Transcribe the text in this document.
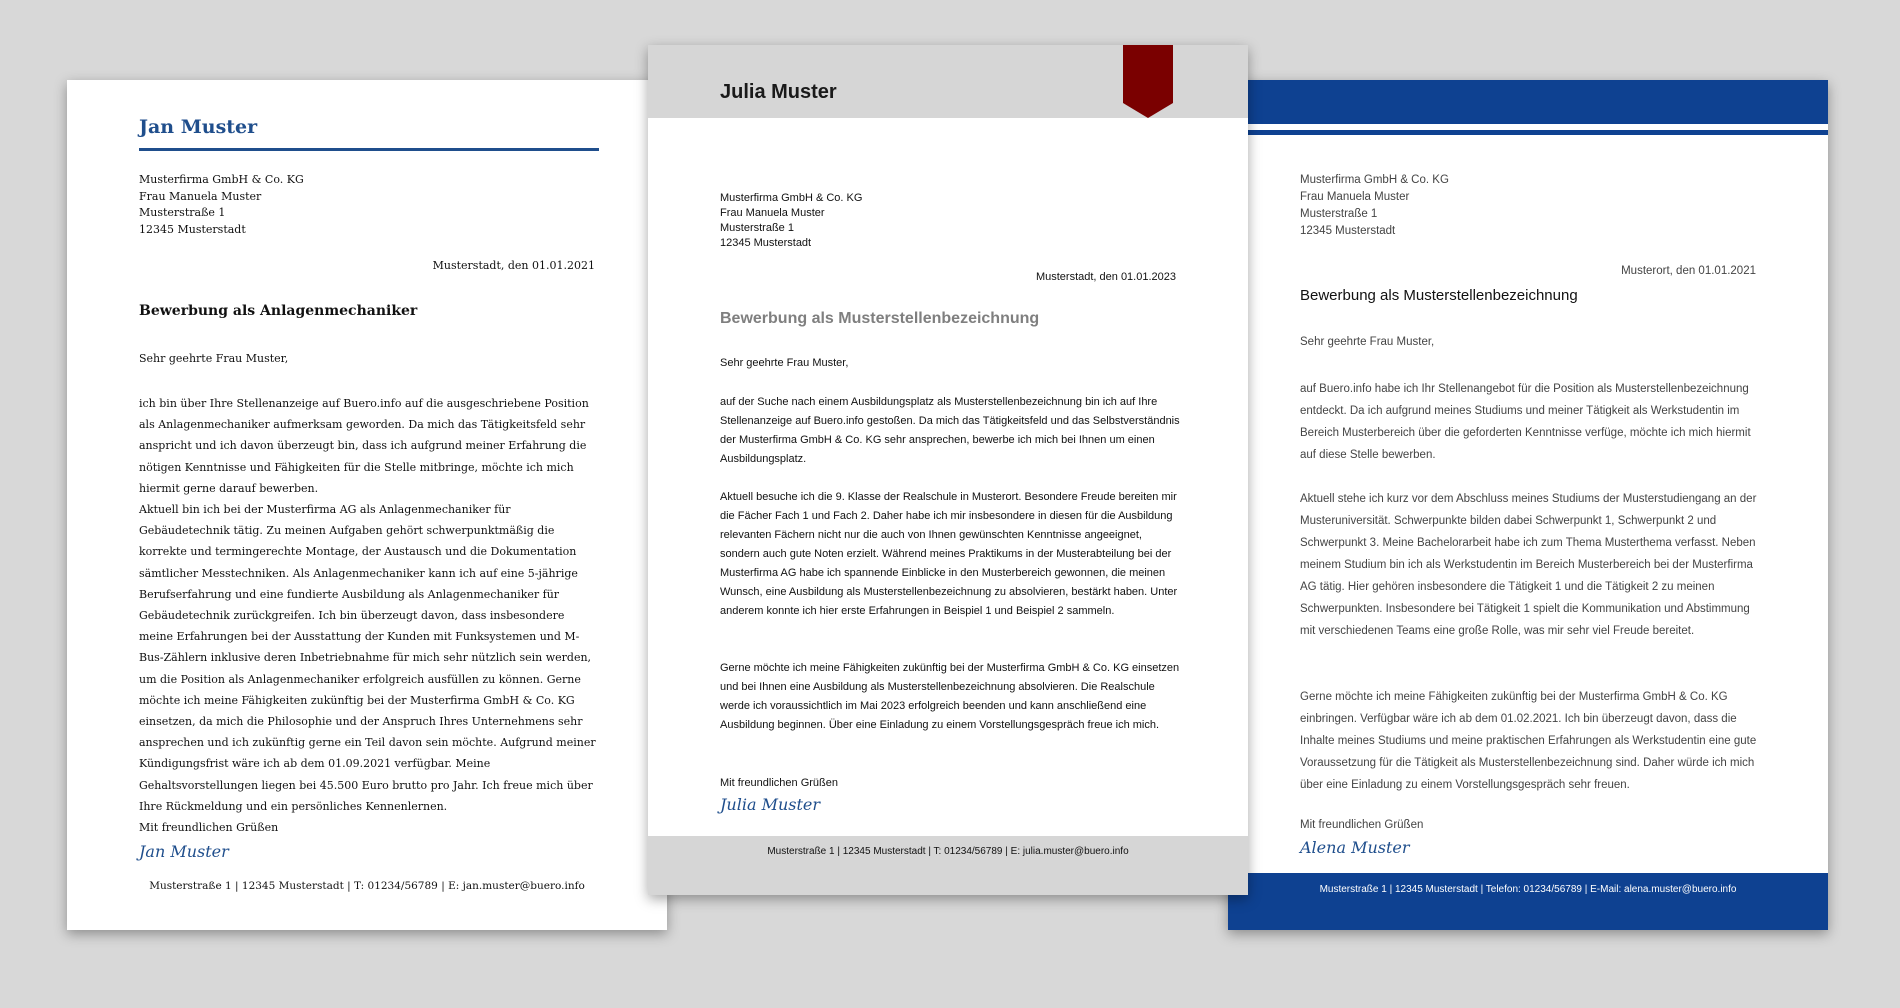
Jan Muster

Musterfirma GmbH & Co. KG

Frau Manuela Muster

Musterstraße 1

12345 Musterstadt

Musterstadt, den 01.01.2021
Bewerbung als Anlagenmechaniker
Sehr geehrte Frau Muster,

ich bin über Ihre Stellenanzeige auf Buero.info auf die ausgeschriebene Position als Anlagenmechaniker aufmerksam geworden. Da mich das Tätigkeitsfeld sehr anspricht und ich davon überzeugt bin, dass ich aufgrund meiner Erfahrung die nötigen Kenntnisse und Fähigkeiten für die Stelle mitbringe, möchte ich mich hiermit gerne darauf bewerben.

Aktuell bin ich bei der Musterfirma AG als Anlagenmechaniker für Gebäudetechnik tätig. Zu meinen Aufgaben gehört schwerpunktmäßig die korrekte und termingerechte Montage, der Austausch und die Dokumentation sämtlicher Messtechniken. Als Anlagenmechaniker kann ich auf eine 5-jährige Berufserfahrung und eine fundierte Ausbildung als Anlagenmechaniker für Gebäudetechnik zurückgreifen. Ich bin überzeugt davon, dass insbesondere meine Erfahrungen bei der Ausstattung der Kunden mit Funksystemen und M-Bus-Zählern inklusive deren Inbetriebnahme für mich sehr nützlich sein werden, um die Position als Anlagenmechaniker erfolgreich ausfüllen zu können. Gerne möchte ich meine Fähigkeiten zukünftig bei der Musterfirma GmbH & Co. KG einsetzen, da mich die Philosophie und der Anspruch Ihres Unternehmens sehr ansprechen und ich zukünftig gerne ein Teil davon sein möchte. Aufgrund meiner Kündigungsfrist wäre ich ab dem 01.09.2021 verfügbar. Meine Gehaltsvorstellungen liegen bei 45.500 Euro brutto pro Jahr. Ich freue mich über Ihre Rückmeldung und ein persönliches Kennenlernen.

Mit freundlichen Grüßen
Jan Muster
Musterstraße 1 | 12345 Musterstadt | T: 01234/56789 | E: jan.muster@buero.info
Julia Muster

Musterfirma GmbH & Co. KG

Frau Manuela Muster

Musterstraße 1

12345 Musterstadt

Musterstadt, den 01.01.2023
Bewerbung als Musterstellenbezeichnung
Sehr geehrte Frau Muster,

auf der Suche nach einem Ausbildungsplatz als Musterstellenbezeichnung bin ich auf Ihre Stellenanzeige auf Buero.info gestoßen. Da mich das Tätigkeitsfeld und das Selbstverständnis der Musterfirma GmbH & Co. KG sehr ansprechen, bewerbe ich mich bei Ihnen um einen Ausbildungsplatz.

Aktuell besuche ich die 9. Klasse der Realschule in Musterort. Besondere Freude bereiten mir die Fächer Fach 1 und Fach 2. Daher habe ich mir insbesondere in diesen für die Ausbildung relevanten Fächern nicht nur die auch von Ihnen gewünschten Kenntnisse angeeignet, sondern auch gute Noten erzielt. Während meines Praktikums in der Musterabteilung bei der Musterfirma AG habe ich spannende Einblicke in den Musterbereich gewonnen, die meinen Wunsch, eine Ausbildung als Musterstellenbezeichnung zu absolvieren, bestärkt haben. Unter anderem konnte ich hier erste Erfahrungen in Beispiel 1 und Beispiel 2 sammeln.

Gerne möchte ich meine Fähigkeiten zukünftig bei der Musterfirma GmbH & Co. KG einsetzen und bei Ihnen eine Ausbildung als Musterstellenbezeichnung absolvieren. Die Realschule werde ich voraussichtlich im Mai 2023 erfolgreich beenden und kann anschließend eine Ausbildung beginnen. Über eine Einladung zu einem Vorstellungsgespräch freue ich mich.

Mit freundlichen Grüßen
Julia Muster
Musterstraße 1 | 12345 Musterstadt | T: 01234/56789 | E: julia.muster@buero.info

Musterfirma GmbH & Co. KG

Frau Manuela Muster

Musterstraße 1

12345 Musterstadt

Musterort, den 01.01.2021
Bewerbung als Musterstellenbezeichnung
Sehr geehrte Frau Muster,

auf Buero.info habe ich Ihr Stellenangebot für die Position als Musterstellenbezeichnung entdeckt. Da ich aufgrund meines Studiums und meiner Tätigkeit als Werkstudentin im Bereich Musterbereich über die geforderten Kenntnisse verfüge, möchte ich mich hiermit auf diese Stelle bewerben.

Aktuell stehe ich kurz vor dem Abschluss meines Studiums der Musterstudiengang an der Musteruniversität. Schwerpunkte bilden dabei Schwerpunkt 1, Schwerpunkt 2 und Schwerpunkt 3. Meine Bachelorarbeit habe ich zum Thema Musterthema verfasst. Neben meinem Studium bin ich als Werkstudentin im Bereich Musterbereich bei der Musterfirma AG tätig. Hier gehören insbesondere die Tätigkeit 1 und die Tätigkeit 2 zu meinen Schwerpunkten. Insbesondere bei Tätigkeit 1 spielt die Kommunikation und Abstimmung mit verschiedenen Teams eine große Rolle, was mir sehr viel Freude bereitet.

Gerne möchte ich meine Fähigkeiten zukünftig bei der Musterfirma GmbH & Co. KG einbringen. Verfügbar wäre ich ab dem 01.02.2021. Ich bin überzeugt davon, dass die Inhalte meines Studiums und meine praktischen Erfahrungen als Werkstudentin eine gute Voraussetzung für die Tätigkeit als Musterstellenbezeichnung sind. Daher würde ich mich über eine Einladung zu einem Vorstellungsgespräch sehr freuen.

Mit freundlichen Grüßen
Alena Muster
Musterstraße 1 | 12345 Musterstadt | Telefon: 01234/56789 | E-Mail: alena.muster@buero.info
